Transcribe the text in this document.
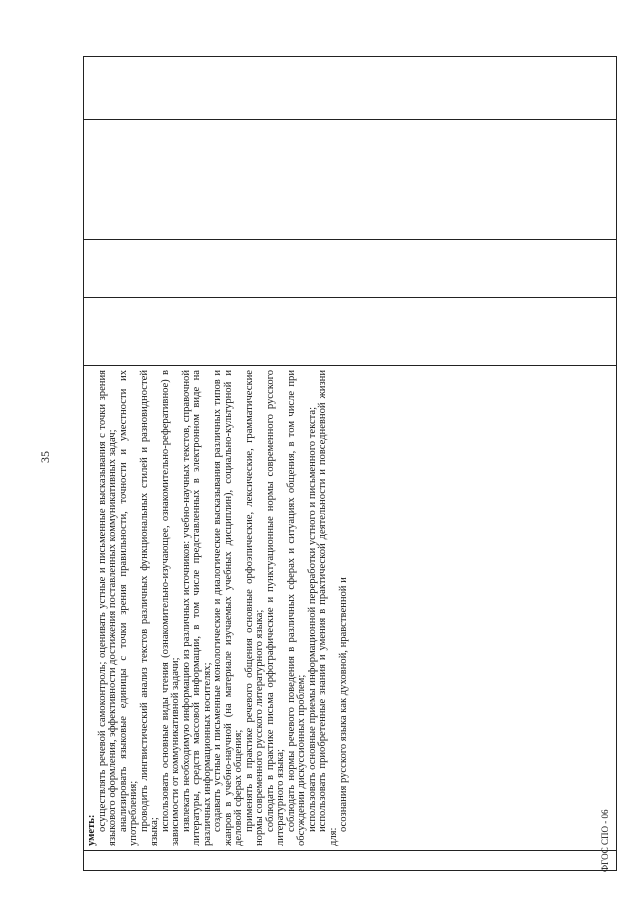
35

уметь: осуществлять речевой самоконтроль; оценивать устные и письменные высказывания с точки зрения языкового оформления, эффективности достижения поставленных коммуникативных задач; анализировать языковые единицы с точки зрения правильности, точности и уместности их употребления; проводить лингвистический анализ текстов различных функциональных стилей и разновидностей языка; использовать основные виды чтения (ознакомительно-изучающее, ознакомительно-реферативное) в зависимости от коммуникативной задачи; извлекать необходимую информацию из различных источников: учебно-научных текстов, справочной литературы, средств массовой информации, в том числе представленных в электронном виде на различных информационных носителях; создавать устные и письменные монологические и диалогические высказывания различных типов и жанров в учебно-научной (на материале изучаемых учебных дисциплин), социально-культурной и деловой сферах общения; применять в практике речевого общения основные орфоэпические, лексические, грамматические нормы современного русского литературного языка; соблюдать в практике письма орфографические и пунктуационные нормы современного русского литературного языка; соблюдать нормы речевого поведения в различных сферах и ситуациях общения, в том числе при обсуждении дискуссионных проблем; использовать основные приемы информационной переработки устного и письменного текста; использовать приобретенные знания и умения в практической деятельности и повседневной жизни для:

осознания русского языка как духовной, нравственной и

ФГОС СПО - 06
